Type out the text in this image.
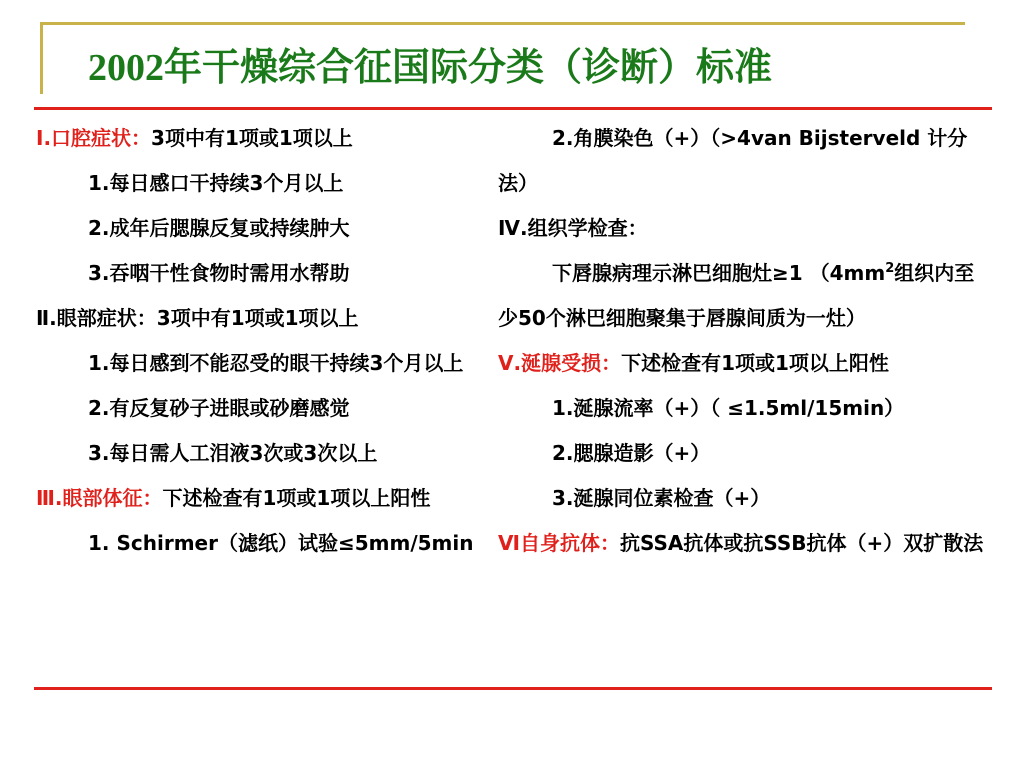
2002年干燥综合征国际分类（诊断）标准

Ⅰ.口腔症状：3项中有1项或1项以上

1.每日感口干持续3个月以上

2.成年后腮腺反复或持续肿大

3.吞咽干性食物时需用水帮助

Ⅱ.眼部症状：3项中有1项或1项以上

1.每日感到不能忍受的眼干持续3个月以上

2.有反复砂子进眼或砂磨感觉

3.每日需人工泪液3次或3次以上

Ⅲ.眼部体征：下述检查有1项或1项以上阳性

1. Schirmer（滤纸）试验≤5mm/5min

2.角膜染色（+）（>4van Bijsterveld 计分法）

Ⅳ.组织学检查：

下唇腺病理示淋巴细胞灶≥1 （$4mm^2$组织内至少50个淋巴细胞聚集于唇腺间质为一灶）

Ⅴ.涎腺受损：下述检查有1项或1项以上阳性

1.涎腺流率（+）（ ≤1.5ml/15min）

2.腮腺造影（+）

3.涎腺同位素检查（+）

Ⅵ自身抗体：抗SSA抗体或抗SSB抗体（+）双扩散法
